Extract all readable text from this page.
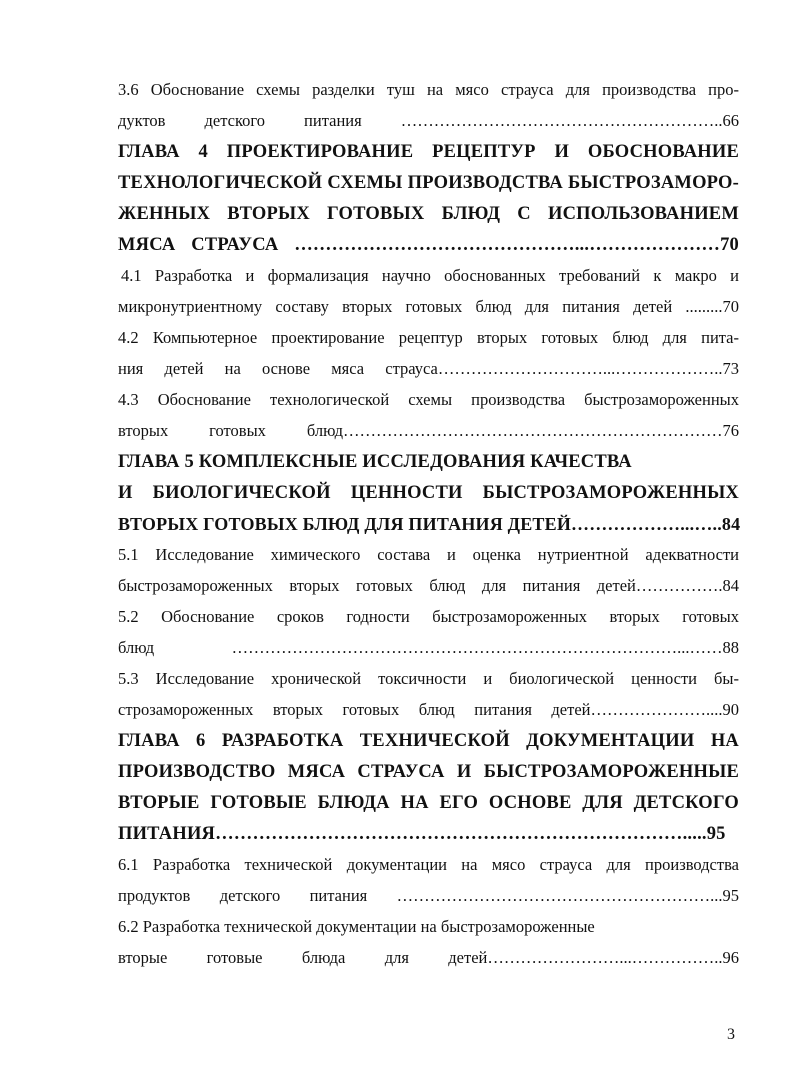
3.6 Обоснование схемы разделки туш на мясо страуса для производства про-
дуктов детского питания …………………………………………………..66
ГЛАВА 4 ПРОЕКТИРОВАНИЕ РЕЦЕПТУР И ОБОСНОВАНИЕ
ТЕХНОЛОГИЧЕСКОЙ СХЕМЫ ПРОИЗВОДСТВА БЫСТРОЗАМОРО-
ЖЕННЫХ ВТОРЫХ ГОТОВЫХ БЛЮД С ИСПОЛЬЗОВАНИЕМ
МЯСА СТРАУСА ………………………………………...…………………70
4.1 Разработка и формализация научно обоснованных требований к макро и
микронутриентному составу вторых готовых блюд для питания детей .........70
4.2 Компьютерное проектирование рецептур вторых готовых блюд для пита-
ния детей на основе мяса страуса…………………………...………………..73
4.3 Обоснование технологической схемы производства быстрозамороженных
вторых готовых блюд……………………………………………………………76
ГЛАВА 5 КОМПЛЕКСНЫЕ ИССЛЕДОВАНИЯ КАЧЕСТВА
И БИОЛОГИЧЕСКОЙ ЦЕННОСТИ БЫСТРОЗАМОРОЖЕННЫХ
ВТОРЫХ ГОТОВЫХ БЛЮД ДЛЯ ПИТАНИЯ ДЕТЕЙ………………...…..84
5.1 Исследование химического состава и оценка нутриентной адекватности
быстрозамороженных вторых готовых блюд для питания детей…………….84
5.2 Обоснование сроков годности быстрозамороженных вторых готовых
блюд ………………………………………………………………………...……88
5.3 Исследование хронической токсичности и биологической ценности бы-
строзамороженных вторых готовых блюд питания детей…………………....90
ГЛАВА 6 РАЗРАБОТКА ТЕХНИЧЕСКОЙ ДОКУМЕНТАЦИИ НА
ПРОИЗВОДСТВО МЯСА СТРАУСА И БЫСТРОЗАМОРОЖЕННЫЕ
ВТОРЫЕ ГОТОВЫЕ БЛЮДА НА ЕГО ОСНОВЕ ДЛЯ ДЕТСКОГО
ПИТАНИЯ………………………………………………………………….....95
6.1 Разработка технической документации на мясо страуса для производства
продуктов детского питания …………………………………………………...95
6.2 Разработка технической документации на быстрозамороженные
вторые готовые блюда для детей……………………...……………..96
3
